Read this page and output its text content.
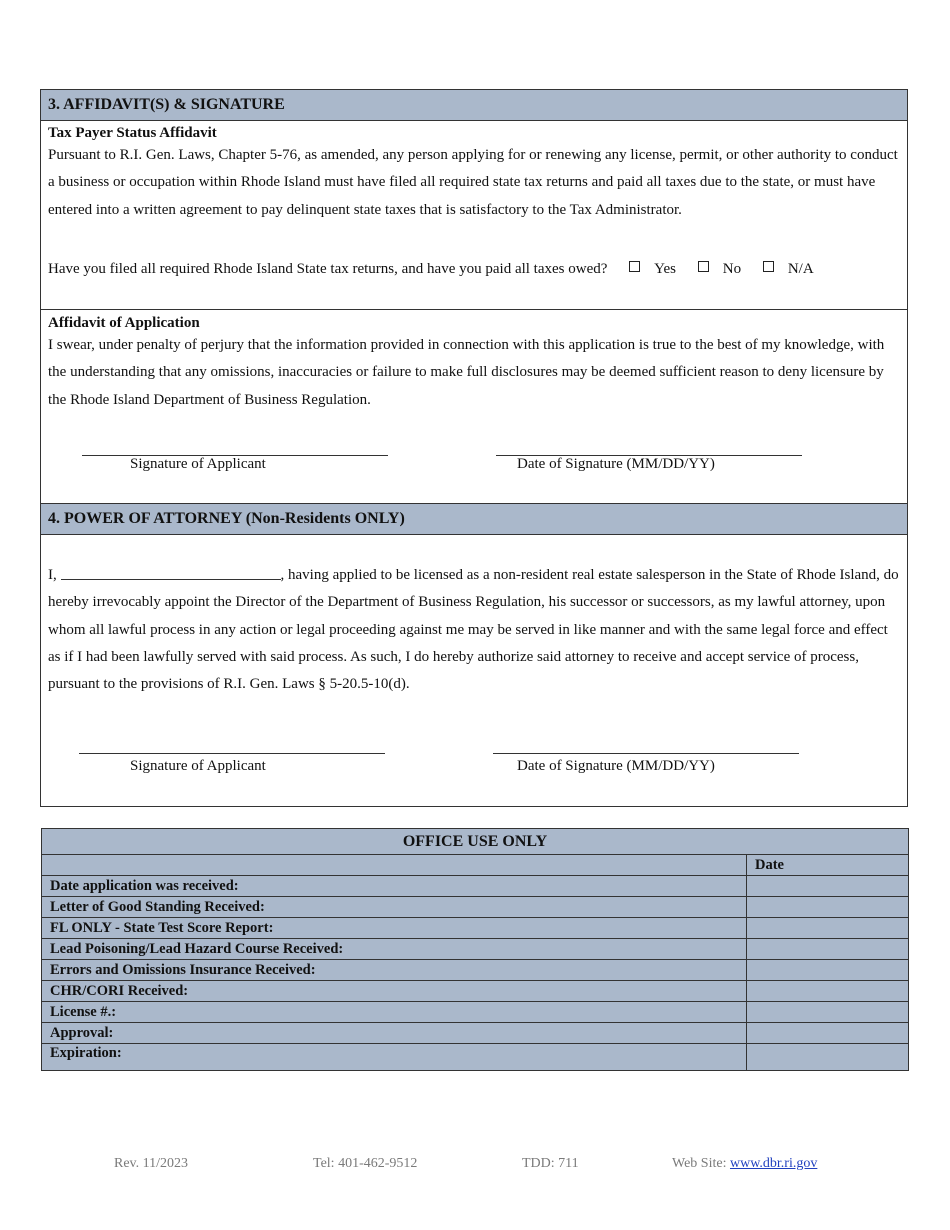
3. AFFIDAVIT(S) & SIGNATURE
Tax Payer Status Affidavit
Pursuant to R.I. Gen. Laws, Chapter 5-76, as amended, any person applying for or renewing any license, permit, or other authority to conduct a business or occupation within Rhode Island must have filed all required state tax returns and paid all taxes due to the state, or must have entered into a written agreement to pay delinquent state taxes that is satisfactory to the Tax Administrator.
Have you filed all required Rhode Island State tax returns, and have you paid all taxes owed?	Yes	No	N/A
Affidavit of Application
I swear, under penalty of perjury that the information provided in connection with this application is true to the best of my knowledge, with the understanding that any omissions, inaccuracies or failure to make full disclosures may be deemed sufficient reason to deny licensure by the Rhode Island Department of Business Regulation.
Signature of Applicant	Date of Signature (MM/DD/YY)
4. POWER OF ATTORNEY (Non-Residents ONLY)
I,	, having applied to be licensed as a non-resident real estate salesperson in the State of Rhode Island, do hereby irrevocably appoint the Director of the Department of Business Regulation, his successor or successors, as my lawful attorney, upon whom all lawful process in any action or legal proceeding against me may be served in like manner and with the same legal force and effect as if I had been lawfully served with said process. As such, I do hereby authorize said attorney to receive and accept service of process, pursuant to the provisions of R.I. Gen. Laws § 5-20.5-10(d).
Signature of Applicant	Date of Signature (MM/DD/YY)
OFFICE USE ONLY	
	Date
Date application was received:	
Letter of Good Standing Received:	
FL ONLY - State Test Score Report:	
Lead Poisoning/Lead Hazard Course Received:	
Errors and Omissions Insurance Received:	
CHR/CORI Received:	
License #.:	
Approval:	
Expiration:	
Rev. 11/2023	Tel: 401-462-9512	TDD: 711	Web Site: www.dbr.ri.gov
